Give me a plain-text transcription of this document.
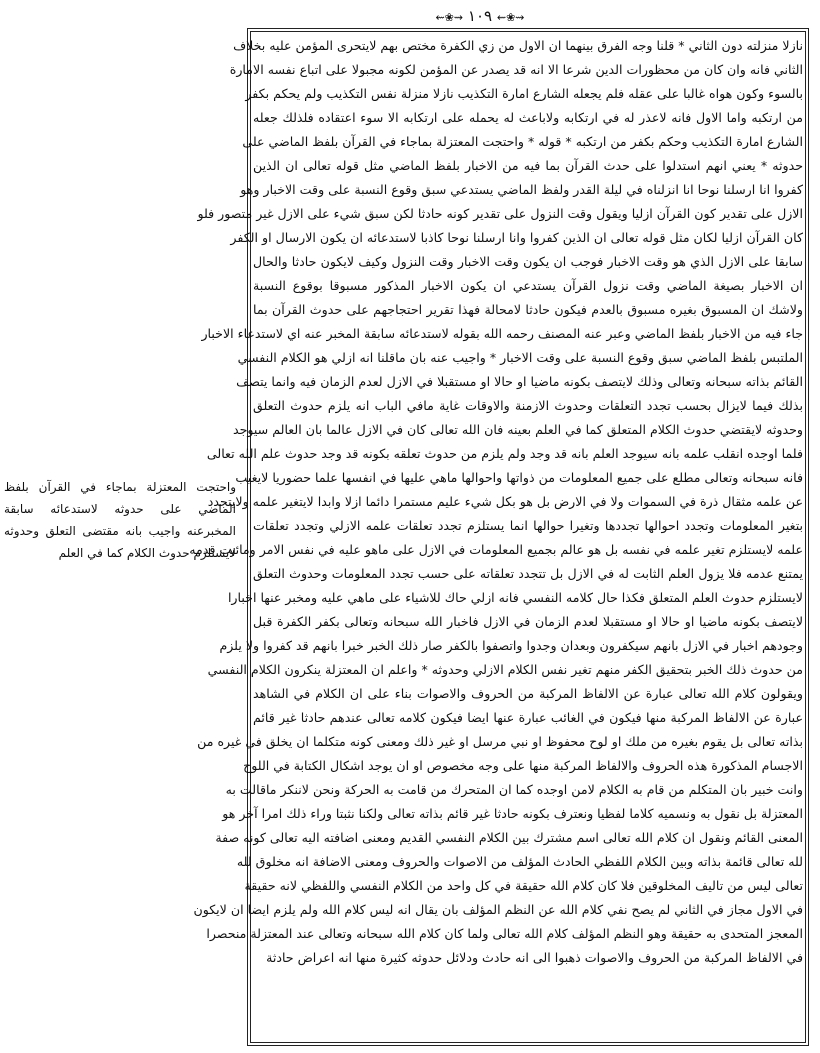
⇜❀⇝ ١٠٩ ⇜❀⇝
نازلا منزلته دون الثاني * قلنا وجه الفرق بينهما ان الاول من زي الكفرة مختص بهم لايتحرى المؤمن عليه بخلاف
الثاني فانه وان كان من محظورات الدين شرعا الا انه قد يصدر عن المؤمن لكونه مجبولا على اتباع نفسه الامارة
بالسوء وكون هواه غالبا على عقله فلم يجعله الشارع امارة التكذيب نازلا منزلة نفس التكذيب ولم يحكم بكفر
من ارتكبه واما الاول فانه لاعذر له في ارتكابه ولاباعث له يحمله على ارتكابه الا سوء اعتقاده فلذلك جعله
الشارع امارة التكذيب وحكم بكفر من ارتكبه * قوله * واحتجت المعتزلة بماجاء في القرآن بلفظ الماضي على
حدوثه * يعني انهم استدلوا على حدث القرآن بما فيه من الاخبار بلفظ الماضي مثل قوله تعالى ان الذين
كفروا انا ارسلنا نوحا انا انزلناه في ليلة القدر ولفظ الماضي يستدعي سبق وقوع النسبة على وقت الاخبار وهو
الازل على تقدير كون القرآن ازليا ويقول وقت النزول على تقدير كونه حادثا لكن سبق شيء على الازل غير متصور فلو
كان القرآن ازليا لكان مثل قوله تعالى ان الذين كفروا وانا ارسلنا نوحا كاذبا لاستدعائه ان يكون الارسال او الكفر
سابقا على الازل الذي هو وقت الاخبار فوجب ان يكون وقت الاخبار وقت النزول وكيف لايكون حادثا والحال
ان الاخبار بصيغة الماضي وقت نزول القرآن يستدعي ان يكون الاخبار المذكور مسبوقا بوقوع النسبة
ولاشك ان المسبوق بغيره مسبوق بالعدم فيكون حادثا لامحالة فهذا تقرير احتجاجهم على حدوث القرآن بما
جاء فيه من الاخبار بلفظ الماضي وعبر عنه المصنف رحمه الله بقوله لاستدعائه سابقة المخبر عنه اي لاستدعاء الاخبار
الملتبس بلفظ الماضي سبق وقوع النسبة على وقت الاخبار * واجيب عنه بان ماقلنا انه ازلي هو الكلام النفسي
القائم بذاته سبحانه وتعالى وذلك لايتصف بكونه ماضيا او حالا او مستقبلا في الازل لعدم الزمان فيه وانما يتصف
بذلك فيما لايزال بحسب تجدد التعلقات وحدوث الازمنة والاوقات غاية مافي الباب انه يلزم حدوث التعلق
وحدوثه لايقتضي حدوث الكلام المتعلق كما في العلم بعينه فان الله تعالى كان في الازل عالما بان العالم سيوجد
فلما اوجده انقلب علمه بانه سيوجد العلم بانه قد وجد ولم يلزم من حدوث تعلقه بكونه قد وجد حدوث علم الله تعالى
فانه سبحانه وتعالى مطلع على جميع المعلومات من ذواتها واحوالها ماهي عليها في انفسها علما حضوريا لايغيب
عن علمه مثقال ذرة في السموات ولا في الارض بل هو بكل شيء عليم مستمرا دائما ازلا وابدا لايتغير علمه ولايتجدد
بتغير المعلومات وتجدد احوالها تجددها وتغيرا حوالها انما يستلزم تجدد تعلقات علمه الازلي وتجدد تعلقات
علمه لايستلزم تغير علمه في نفسه بل هو عالم بجميع المعلومات في الازل على ماهو عليه في نفس الامر ومائبت قدمه
يمتنع عدمه فلا يزول العلم الثابت له في الازل بل تتجدد تعلقاته على حسب تجدد المعلومات وحدوث التعلق
لايستلزم حدوث العلم المتعلق فكذا حال كلامه النفسي فانه ازلي حاك للاشياء على ماهي عليه ومخبر عنها اخبارا
لايتصف بكونه ماضيا او حالا او مستقبلا لعدم الزمان في الازل فاخبار الله سبحانه وتعالى بكفر الكفرة قبل
وجودهم اخبار في الازل بانهم سيكفرون وبعدان وجدوا واتصفوا بالكفر صار ذلك الخبر خبرا بانهم قد كفروا ولا يلزم
من حدوث ذلك الخبر بتحقيق الكفر منهم تغير نفس الكلام الازلي وحدوثه * واعلم ان المعتزلة ينكرون الكلام النفسي
ويقولون كلام الله تعالى عبارة عن الالفاظ المركبة من الحروف والاصوات بناء على ان الكلام في الشاهد
عبارة عن الالفاظ المركبة منها فيكون في الغائب عبارة عنها ايضا فيكون كلامه تعالى عندهم حادثا غير قائم
بذاته تعالى بل يقوم بغيره من ملك او لوح محفوظ او نبي مرسل او غير ذلك ومعنى كونه متكلما ان يخلق في غيره من
الاجسام المذكورة هذه الحروف والالفاظ المركبة منها على وجه مخصوص او ان يوجد اشكال الكتابة في اللوح
وانت خبير بان المتكلم من قام به الكلام لامن اوجده كما ان المتحرك من قامت به الحركة ونحن لاننكر ماقالت به
المعتزلة بل نقول به ونسميه كلاما لفظيا ونعترف بكونه حادثا غير قائم بذاته تعالى ولكنا نثبتا وراء ذلك امرا آخر هو
المعنى القائم ونقول ان كلام الله تعالى اسم مشترك بين الكلام النفسي القديم ومعنى اضافته اليه تعالى كونه صفة
لله تعالى قائمة بذاته وبين الكلام اللفظي الحادث المؤلف من الاصوات والحروف ومعنى الاضافة انه مخلوق لله
تعالى ليس من تاليف المخلوقين فلا كان كلام الله حقيقة في كل واحد من الكلام النفسي واللفظي لانه حقيقة
في الاول مجاز في الثاني لم يصح نفي كلام الله عن النظم المؤلف بان يقال انه ليس كلام الله ولم يلزم ايضا ان لايكون
المعجز المتحدى به حقيقة وهو النظم المؤلف كلام الله تعالى ولما كان كلام الله سبحانه وتعالى عند المعتزلة منحصرا
في الالفاظ المركبة من الحروف والاصوات ذهبوا الى انه حادث ودلائل حدوثه كثيرة منها انه اعراض حادثة
واحتجت المعتزلة بماجاء في القرآن بلفظ
الماضي على حدوثه لاستدعائه سابقة
المخبرعنه واجيب بانه مقتضى التعلق وحدوثه
لايستلزم حدوث الكلام كما في العلم
